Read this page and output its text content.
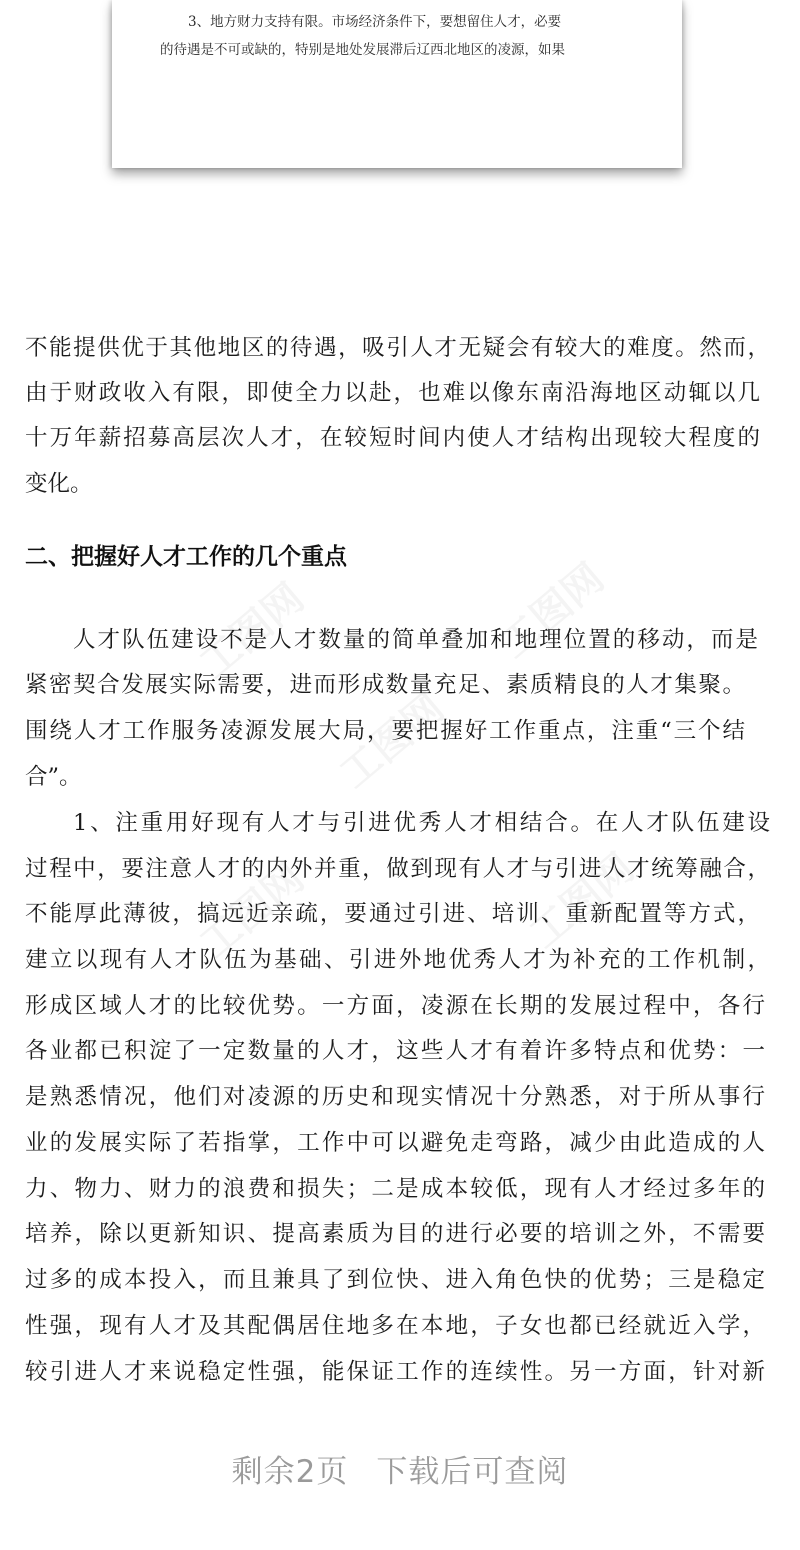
3、地方财力支持有限。市场经济条件下，要想留住人才，必要
的待遇是不可或缺的，特别是地处发展滞后辽西北地区的凌源，如果
不能提供优于其他地区的待遇，吸引人才无疑会有较大的难度。然而，
由于财政收入有限，即使全力以赴，也难以像东南沿海地区动辄以几
十万年薪招募高层次人才，在较短时间内使人才结构出现较大程度的
变化。
二、把握好人才工作的几个重点
人才队伍建设不是人才数量的简单叠加和地理位置的移动，而是
紧密契合发展实际需要，进而形成数量充足、素质精良的人才集聚。
围绕人才工作服务凌源发展大局，要把握好工作重点，注重“三个结
合”。
1、注重用好现有人才与引进优秀人才相结合。在人才队伍建设
过程中，要注意人才的内外并重，做到现有人才与引进人才统筹融合，
不能厚此薄彼，搞远近亲疏，要通过引进、培训、重新配置等方式，
建立以现有人才队伍为基础、引进外地优秀人才为补充的工作机制，
形成区域人才的比较优势。一方面，凌源在长期的发展过程中，各行
各业都已积淀了一定数量的人才，这些人才有着许多特点和优势：一
是熟悉情况，他们对凌源的历史和现实情况十分熟悉，对于所从事行
业的发展实际了若指掌，工作中可以避免走弯路，减少由此造成的人
力、物力、财力的浪费和损失；二是成本较低，现有人才经过多年的
培养，除以更新知识、提高素质为目的进行必要的培训之外，不需要
过多的成本投入，而且兼具了到位快、进入角色快的优势；三是稳定
性强，现有人才及其配偶居住地多在本地，子女也都已经就近入学，
较引进人才来说稳定性强，能保证工作的连续性。另一方面，针对新
剩余2页 下载后可查阅
